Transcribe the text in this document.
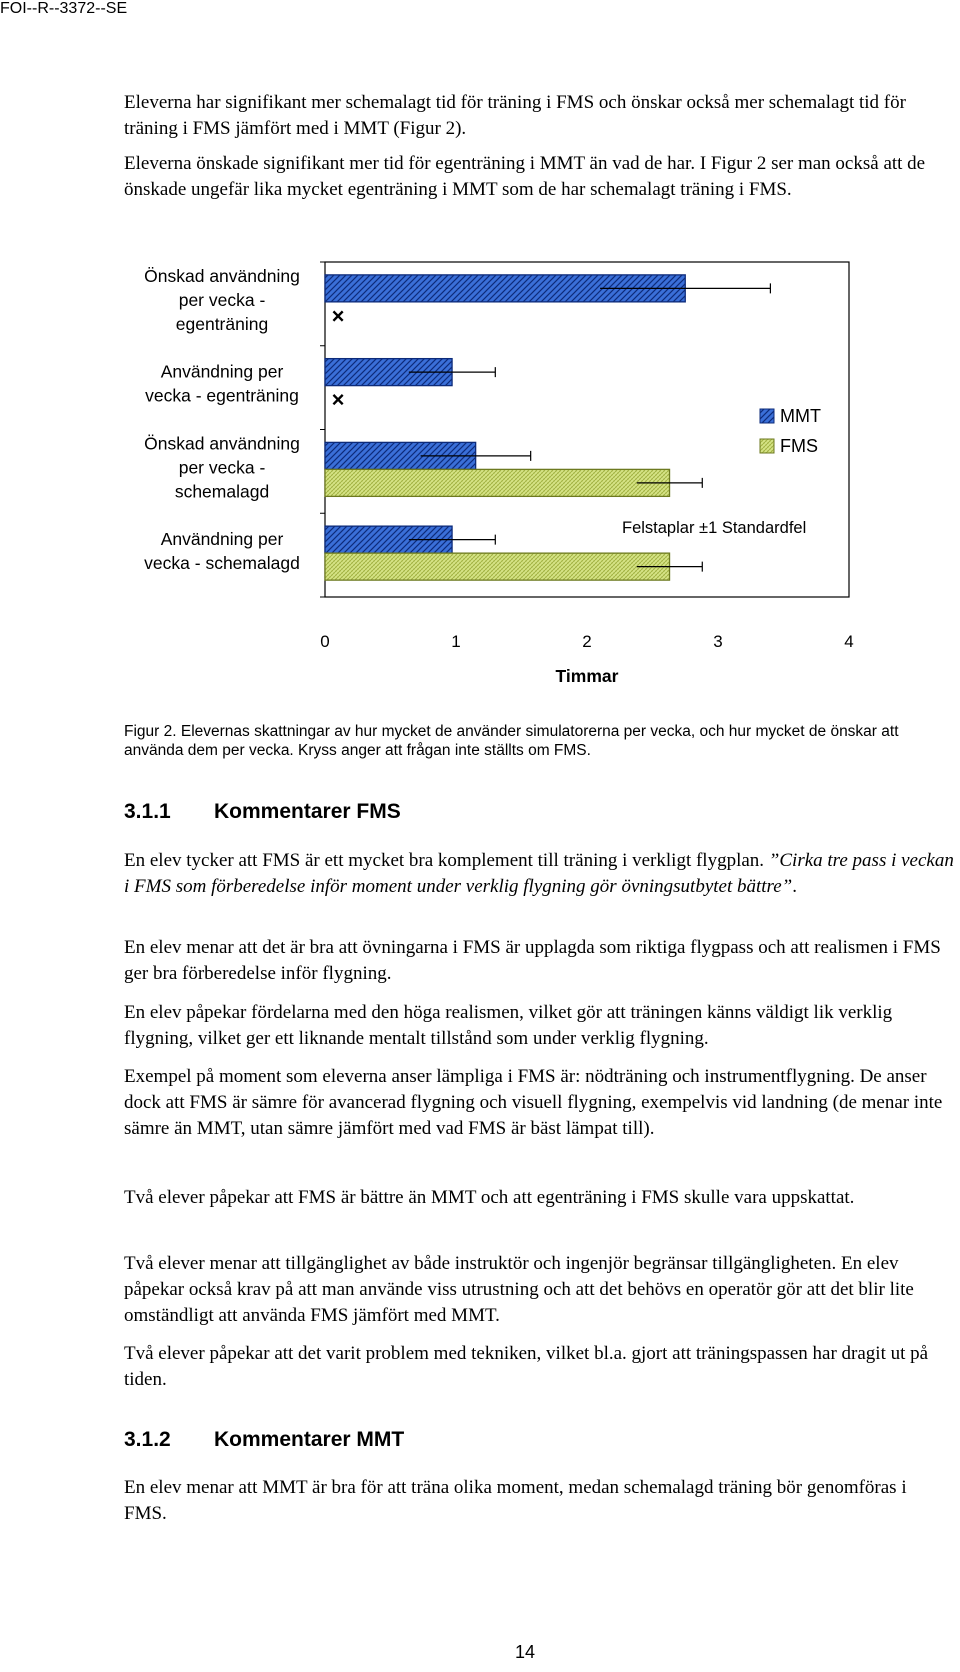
FOI--R--3372--SE

Eleverna har signifikant mer schemalagt tid för träning i FMS och önskar också mer schemalagt tid för träning i FMS jämfört med i MMT (Figur 2).

Eleverna önskade signifikant mer tid för egenträning i MMT än vad de har. I Figur 2 ser man också att de önskade ungefär lika mycket egenträning i MMT som de har schemalagt träning i FMS.

Önskad användning
per vecka -
egenträning	×
Användning per
vecka - egenträning ×
Önskad användning
per vecka -
schemalagd
Användning per
vecka - schemalagd
0	1	2	3	4
Timmar
MMT
FMS
Felstaplar ±1 Standardfel

Figur 2. Elevernas skattningar av hur mycket de använder simulatorerna per vecka, och hur mycket de önskar att använda dem per vecka. Kryss anger att frågan inte ställts om FMS.

3.1.1 Kommentarer FMS

En elev tycker att FMS är ett mycket bra komplement till träning i verkligt flygplan. ”Cirka tre pass i veckan i FMS som förberedelse inför moment under verklig flygning gör övningsutbytet bättre”.

En elev menar att det är bra att övningarna i FMS är upplagda som riktiga flygpass och att realismen i FMS ger bra förberedelse inför flygning.

En elev påpekar fördelarna med den höga realismen, vilket gör att träningen känns väldigt lik verklig flygning, vilket ger ett liknande mentalt tillstånd som under verklig flygning.

Exempel på moment som eleverna anser lämpliga i FMS är: nödträning och instrumentflygning. De anser dock att FMS är sämre för avancerad flygning och visuell flygning, exempelvis vid landning (de menar inte sämre än MMT, utan sämre jämfört med vad FMS är bäst lämpat till).

Två elever påpekar att FMS är bättre än MMT och att egenträning i FMS skulle vara uppskattat.

Två elever menar att tillgänglighet av både instruktör och ingenjör begränsar tillgängligheten. En elev påpekar också krav på att man använde viss utrustning och att det behövs en operatör gör att det blir lite omständligt att använda FMS jämfört med MMT.

Två elever påpekar att det varit problem med tekniken, vilket bl.a. gjort att träningspassen har dragit ut på tiden.

3.1.2 Kommentarer MMT

En elev menar att MMT är bra för att träna olika moment, medan schemalagd träning bör genomföras i FMS.

14
